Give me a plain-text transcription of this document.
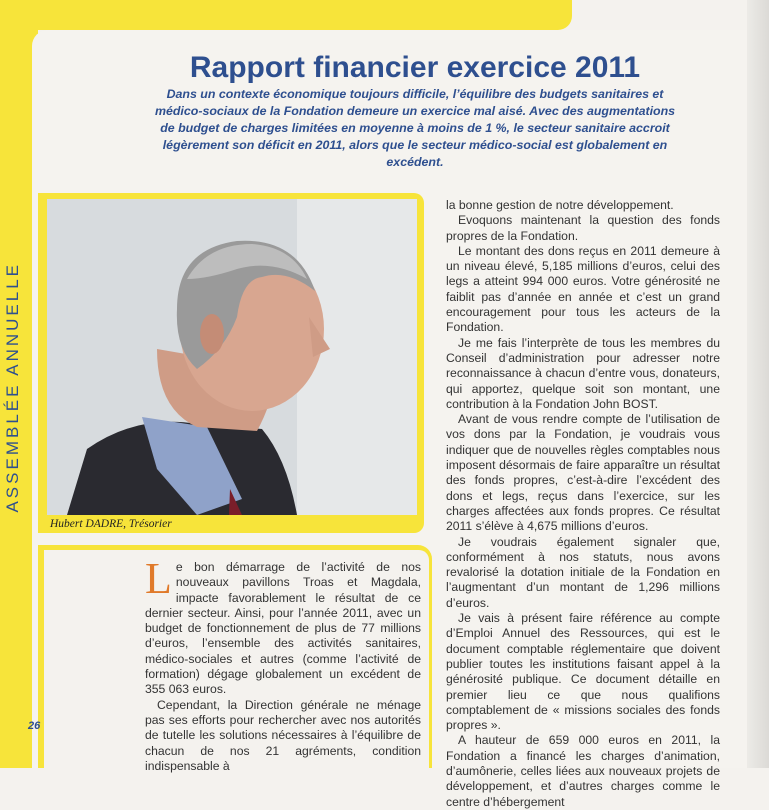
ASSEMBLÉE ANNUELLE
Rapport financier exercice 2011

Dans un contexte économique toujours difficile, l’équilibre des budgets sanitaires et médico-sociaux de la Fondation demeure un exercice mal aisé. Avec des augmentations de budget de charges limitées en moyenne à moins de 1 %, le secteur sanitaire accroit légèrement son déficit en 2011, alors que le secteur médico-social est globalement en excédent.

Hubert DADRE, Trésorier

Le bon démarrage de l’activité de nos nouveaux pavillons Troas et Magdala, impacte favorablement le résultat de ce dernier secteur. Ainsi, pour l’année 2011, avec un budget de fonctionnement de plus de 77 millions d’euros, l’ensemble des activités sanitaires, médico-sociales et autres (comme l’activité de formation) dégage globalement un excédent de 355 063 euros.

Cependant, la Direction générale ne ménage pas ses efforts pour rechercher avec nos autorités de tutelle les solutions nécessaires à l’équilibre de chacun de nos 21 agréments, condition indispensable à

la bonne gestion de notre développement.

Evoquons maintenant la question des fonds propres de la Fondation.

Le montant des dons reçus en 2011 demeure à un niveau élevé, 5,185 millions d’euros, celui des legs a atteint 994 000 euros. Votre générosité ne faiblit pas d’année en année et c’est un grand encouragement pour tous les acteurs de la Fondation.

Je me fais l’interprète de tous les membres du Conseil d’administration pour adresser notre reconnaissance à chacun d’entre vous, donateurs, qui apportez, quelque soit son montant, une contribution à la Fondation John BOST.

Avant de vous rendre compte de l’utilisation de vos dons par la Fondation, je voudrais vous indiquer que de nouvelles règles comptables nous imposent désormais de faire apparaître un résultat des fonds propres, c’est-à-dire l’excédent des dons et legs, reçus dans l’exercice, sur les charges affectées aux fonds propres. Ce résultat 2011 s’élève à 4,675 millions d’euros.

Je voudrais également signaler que, conformément à nos statuts, nous avons revalorisé la dotation initiale de la Fondation en l’augmentant d’un montant de 1,296 millions d’euros.

Je vais à présent faire référence au compte d’Emploi Annuel des Ressources, qui est le document comptable réglementaire que doivent publier toutes les institutions faisant appel à la générosité publique. Ce document détaille en premier lieu ce que nous qualifions comptablement de « missions sociales des fonds propres ».

A hauteur de 659 000 euros en 2011, la Fondation a financé les charges d’animation, d’aumônerie, celles liées aux nouveaux projets de développement, et d’autres charges comme le centre d’hébergement

26
